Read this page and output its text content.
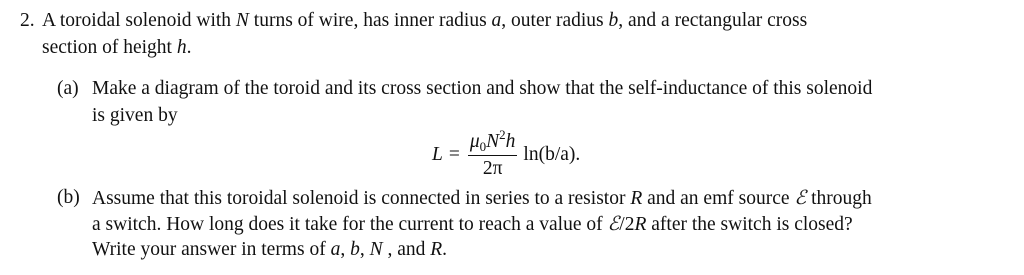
2. A toroidal solenoid with N turns of wire, has inner radius a, outer radius b, and a rectangular cross
section of height h.
(a) Make a diagram of the toroid and its cross section and show that the self-inductance of this solenoid
is given by
$L = \frac{\mu_0N^2h}{2\pi} \ln(b/a)$.
(b) Assume that this toroidal solenoid is connected in series to a resistor R and an emf source ℰ through
a switch. How long does it take for the current to reach a value of ℰ/2R after the switch is closed?
Write your answer in terms of a, b, N , and R.
